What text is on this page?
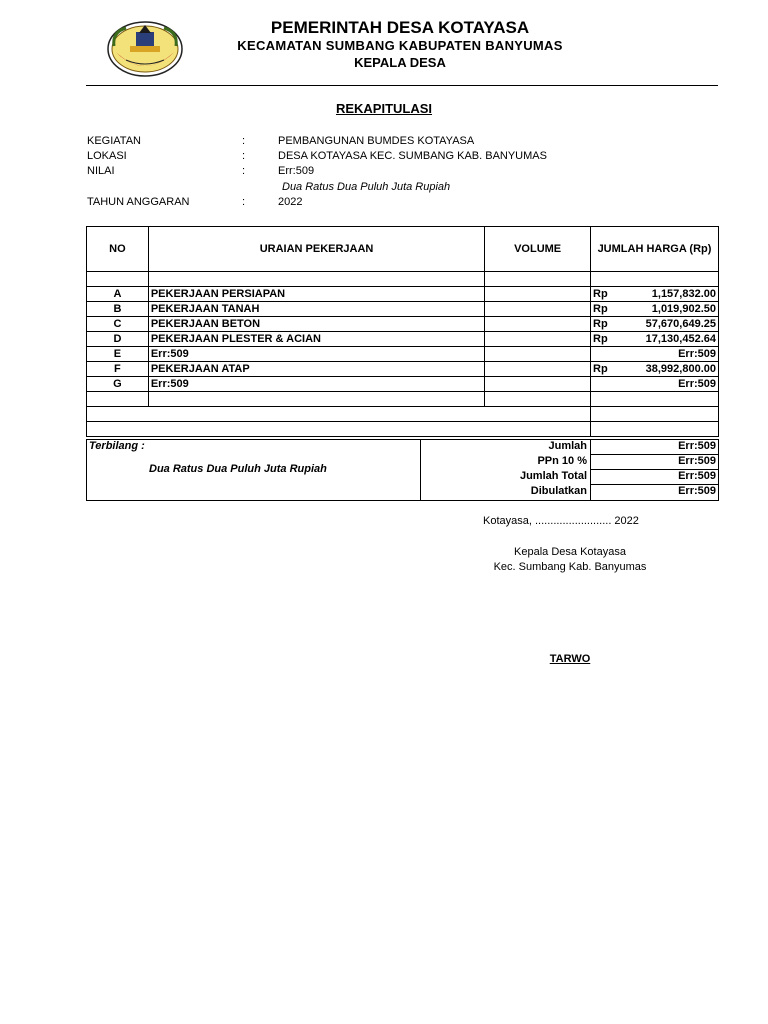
PEMERINTAH DESA KOTAYASA
KECAMATAN SUMBANG KABUPATEN BANYUMAS
KEPALA DESA
REKAPITULASI
KEGIATAN	:	PEMBANGUNAN BUMDES KOTAYASA
LOKASI	:	DESA KOTAYASA KEC. SUMBANG KAB. BANYUMAS
NILAI	:	Err:509
Dua Ratus Dua Puluh Juta Rupiah
TAHUN ANGGARAN	:	2022
NO	URAIAN PEKERJAAN	VOLUME	JUMLAH HARGA (Rp)

A	PEKERJAAN PERSIAPAN		Rp 1,157,832.00

B	PEKERJAAN TANAH		Rp 1,019,902.50

C	PEKERJAAN BETON		Rp 57,670,649.25

D	PEKERJAAN PLESTER & ACIAN		Rp 17,130,452.64

E	Err:509		Err:509

F	PEKERJAAN ATAP		Rp 38,992,800.00

G	Err:509		Err:509

Terbilang :
Dua Ratus Dua Puluh Juta Rupiah
Jumlah	Err:509
PPn 10 %	Err:509
Jumlah Total	Err:509
Dibulatkan	Err:509
Kotayasa, ......................... 2022
Kepala Desa Kotayasa
Kec. Sumbang Kab. Banyumas
TARWO
